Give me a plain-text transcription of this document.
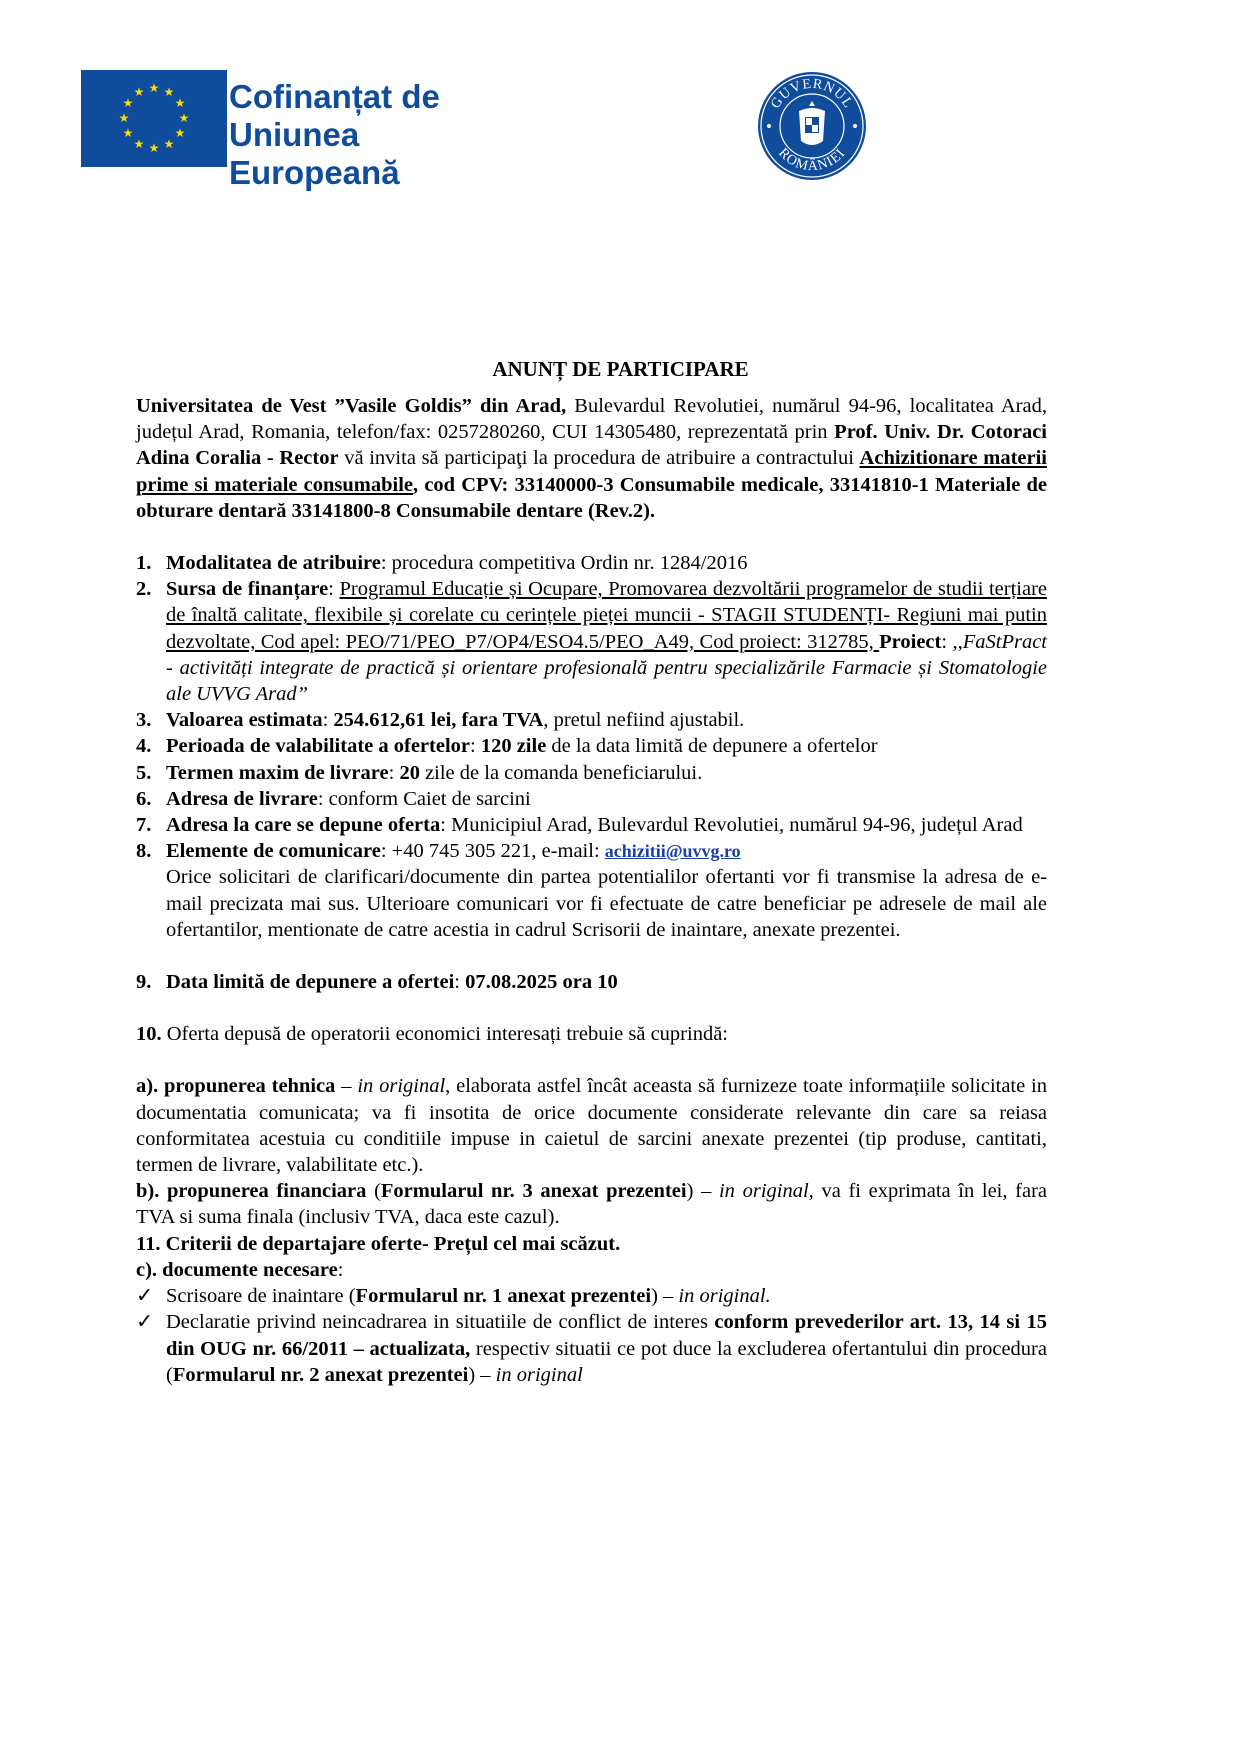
★ ★
★
★
★
★
★
★
★
★
★
★	Cofinanțat de
Uniunea Europeană
GUVERNUL
ROMÂNIEI
ANUNȚ DE PARTICIPARE

Universitatea de Vest ”Vasile Goldis” din Arad, Bulevardul Revolutiei, numărul 94-96, localitatea Arad, județul Arad, Romania, telefon/fax: 0257280260, CUI 14305480, reprezentată prin Prof. Univ. Dr. Cotoraci Adina Coralia - Rector vă invita să participaţi la procedura de atribuire a contractului Achizitionare materii prime si materiale consumabile, cod CPV: 33140000-3 Consumabile medicale, 33141810-1 Materiale de obturare dentară 33141800-8 Consumabile dentare (Rev.2).

1. Modalitatea de atribuire: procedura competitiva Ordin nr. 1284/2016
2. Sursa de finanțare: Programul Educație și Ocupare, Promovarea dezvoltării programelor de studii terțiare de înaltă calitate, flexibile și corelate cu cerințele pieței muncii - STAGII STUDENȚI- Regiuni mai putin dezvoltate, Cod apel: PEO/71/PEO_P7/OP4/ESO4.5/PEO_A49, Cod proiect: 312785, Proiect: ,,FaStPract - activități integrate de practică și orientare profesională pentru specializările Farmacie și Stomatologie ale UVVG Arad”
3. Valoarea estimata: 254.612,61 lei, fara TVA, pretul nefiind ajustabil.
4. Perioada de valabilitate a ofertelor: 120 zile de la data limită de depunere a ofertelor
5. Termen maxim de livrare: 20 zile de la comanda beneficiarului.
6. Adresa de livrare: conform Caiet de sarcini
7. Adresa la care se depune oferta: Municipiul Arad, Bulevardul Revolutiei, numărul 94-96, județul Arad
8. Elemente de comunicare: +40 745 305 221, e-mail: achizitii@uvvg.ro

Orice solicitari de clarificari/documente din partea potentialilor ofertanti vor fi transmise la adresa de e-mail precizata mai sus. Ulterioare comunicari vor fi efectuate de catre beneficiar pe adresele de mail ale ofertantilor, mentionate de catre acestia in cadrul Scrisorii de inaintare, anexate prezentei.

9. Data limită de depunere a ofertei: 07.08.2025 ora 10
10. Oferta depusă de operatorii economici interesați trebuie să cuprindă:

a). propunerea tehnica – in original, elaborata astfel încât aceasta să furnizeze toate informațiile solicitate in documentatia comunicata; va fi insotita de orice documente considerate relevante din care sa reiasa conformitatea acestuia cu conditiile impuse in caietul de sarcini anexate prezentei (tip produse, cantitati, termen de livrare, valabilitate etc.).

b). propunerea financiara (Formularul nr. 3 anexat prezentei) – in original, va fi exprimata în lei, fara TVA si suma finala (inclusiv TVA, daca este cazul).

11. Criterii de departajare oferte- Prețul cel mai scăzut.
c). documente necesare:
✓ Scrisoare de inaintare (Formularul nr. 1 anexat prezentei) – in original.
✓ Declaratie privind neincadrarea in situatiile de conflict de interes conform prevederilor art. 13, 14 si 15 din OUG nr. 66/2011 – actualizata, respectiv situatii ce pot duce la excluderea ofertantului din procedura (Formularul nr. 2 anexat prezentei) – in original
